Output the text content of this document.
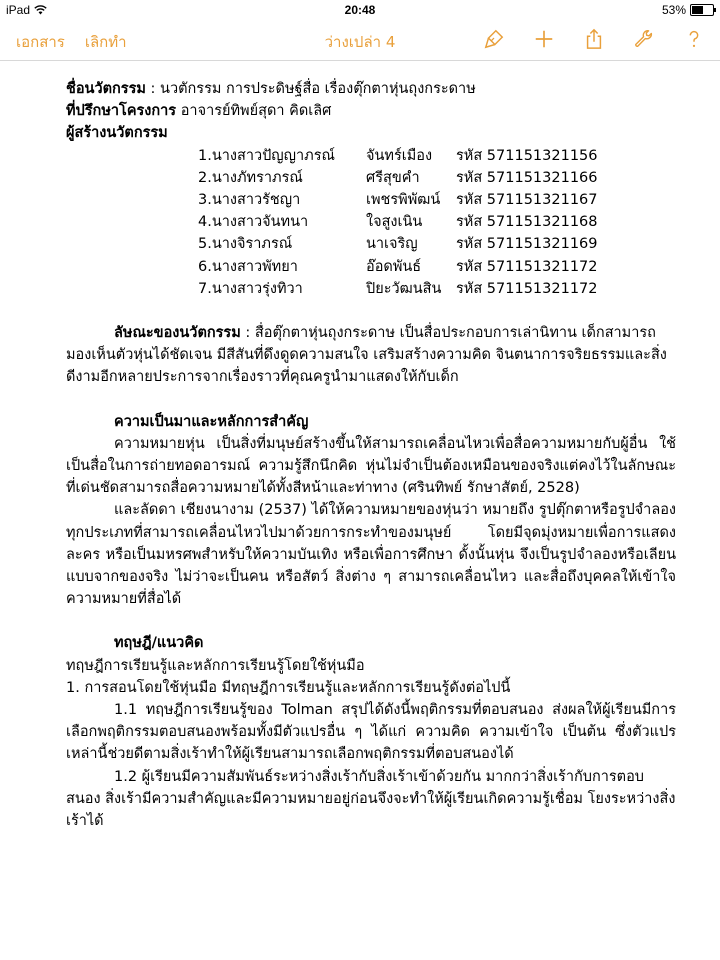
iPad	20:48	53%
เอกสาร เลิกทำ	ว่างเปล่า 4

ชื่อนวัตกรรม : นวตักรรม การประดิษฐ์สื่อ เรื่องตุ๊กตาหุ่นถุงกระดาษ

ที่ปรึกษาโครงการ อาจารย์ทิพย์สุดา คิดเลิศ

ผู้สร้างนวัตกรรม

1.นางสาวปัญญาภรณ์	จันทร์เมือง	รหัส 571151321156
2.นางภัทราภรณ์	ศรีสุขคำ	รหัส 571151321166
3.นางสาวรัชญา	เพชรพิพัฒน์	รหัส 571151321167
4.นางสาวจันทนา	ใจสูงเนิน	รหัส 571151321168
5.นางจิราภรณ์	นาเจริญ	รหัส 571151321169
6.นางสาวพัทยา	อ๊อดพันธ์	รหัส 571151321172
7.นางสาวรุ่งทิวา	ปิยะวัฒนสิน	รหัส 571151321172

ลัษณะของนวัตกรรม : สื่อตุ๊กตาหุ่นถุงกระดาษ เป็นสื่อประกอบการเล่านิทาน เด็กสามารถมองเห็นตัวหุ่นได้ชัดเจน มีสีสันที่ดึงดูดความสนใจ เสริมสร้างความคิด จินตนาการจริยธรรมและสิ่งดีงามอีกหลายประการจากเรื่องราวที่คุณครูนำมาแสดงให้กับเด็ก

ความเป็นมาและหลักการสำคัญ

ความหมายหุ่น เป็นสิ่งที่มนุษย์สร้างขึ้นให้สามารถเคลื่อนไหวเพื่อสื่อความหมายกับผู้อื่น ใช้เป็นสื่อในการถ่ายทอดอารมณ์ ความรู้สึกนึกคิด หุ่นไม่จำเป็นต้องเหมือนของจริงแต่คงไว้ในลักษณะที่เด่นชัดสามารถสื่อความหมายได้ทั้งสีหน้าและท่าทาง (ศรินทิพย์ รักษาสัตย์, 2528)

และลัดดา เชียงนางาม (2537) ได้ให้ความหมายของหุ่นว่า หมายถึง รูปตุ๊กตาหรือรูปจำลองทุกประเภทที่สามารถเคลื่อนไหวไปมาด้วยการกระทำของมนุษย์ โดยมีจุดมุ่งหมายเพื่อการแสดงละคร หรือเป็นมหรศพสำหรับให้ความบันเทิง หรือเพื่อการศึกษา ดั้งนั้นหุ่น จึงเป็นรูปจำลองหรือเลียนแบบจากของจริง ไม่ว่าจะเป็นคน หรือสัตว์ สิ่งต่าง ๆ สามารถเคลื่อนไหว และสื่อถึงบุคคลให้เข้าใจความหมายที่สื่อได้

ทฤษฎี/แนวคิด

ทฤษฎีการเรียนรู้และหลักการเรียนรู้โดยใช้หุ่นมือ

1. การสอนโดยใช้หุ่นมือ มีทฤษฎีการเรียนรู้และหลักการเรียนรู้ดังต่อไปนี้

1.1 ทฤษฎีการเรียนรู้ของ Tolman สรุปได้ดังนี้พฤติกรรมที่ตอบสนอง ส่งผลให้ผู้เรียนมีการเลือกพฤติกรรมตอบสนองพร้อมทั้งมีตัวแปรอื่น ๆ ได้แก่ ความคิด ความเข้าใจ เป็นต้น ซึ่งตัวแปรเหล่านี้ช่วยดีตามสิ่งเร้าทำให้ผู้เรียนสามารถเลือกพฤติกรรมที่ตอบสนองได้

1.2 ผู้เรียนมีความสัมพันธ์ระหว่างสิ่งเร้ากับสิ่งเร้าเข้าด้วยกัน มากกว่าสิ่งเร้ากับการตอบสนอง สิ่งเร้ามีความสำคัญและมีความหมายอยู่ก่อนจึงจะทำให้ผู้เรียนเกิดความรู้เชื่อม โยงระหว่างสิ่งเร้าได้
